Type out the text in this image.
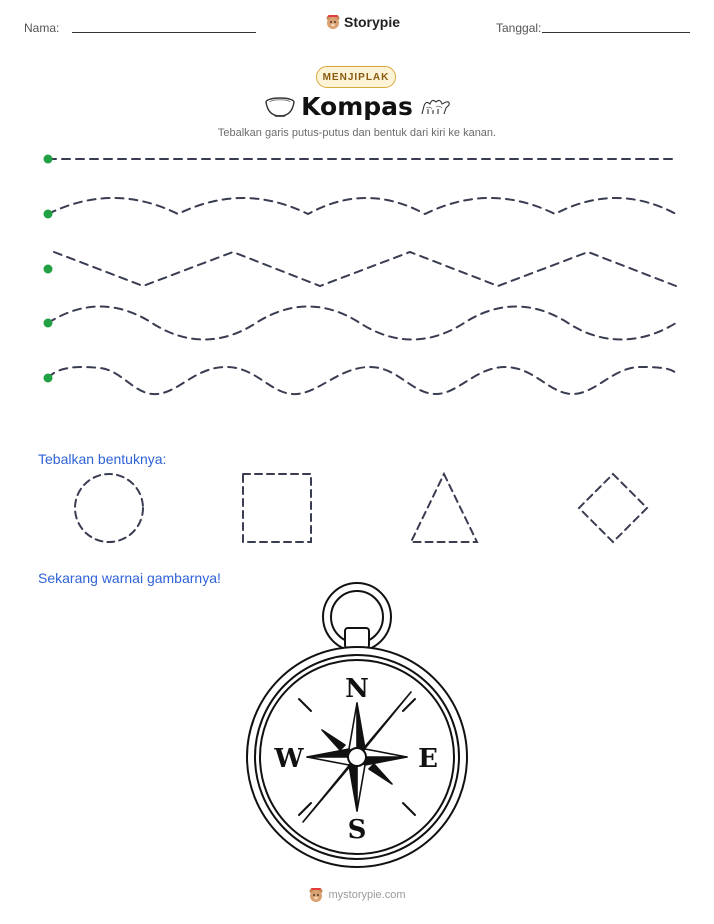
Nama:	Storypie	Tanggal:
MENJIPLAK
Kompas
Tebalkan garis putus-putus dan bentuk dari kiri ke kanan.
Tebalkan bentuknya:
Sekarang warnai gambarnya!
N
E
S
W
mystorypie.com
